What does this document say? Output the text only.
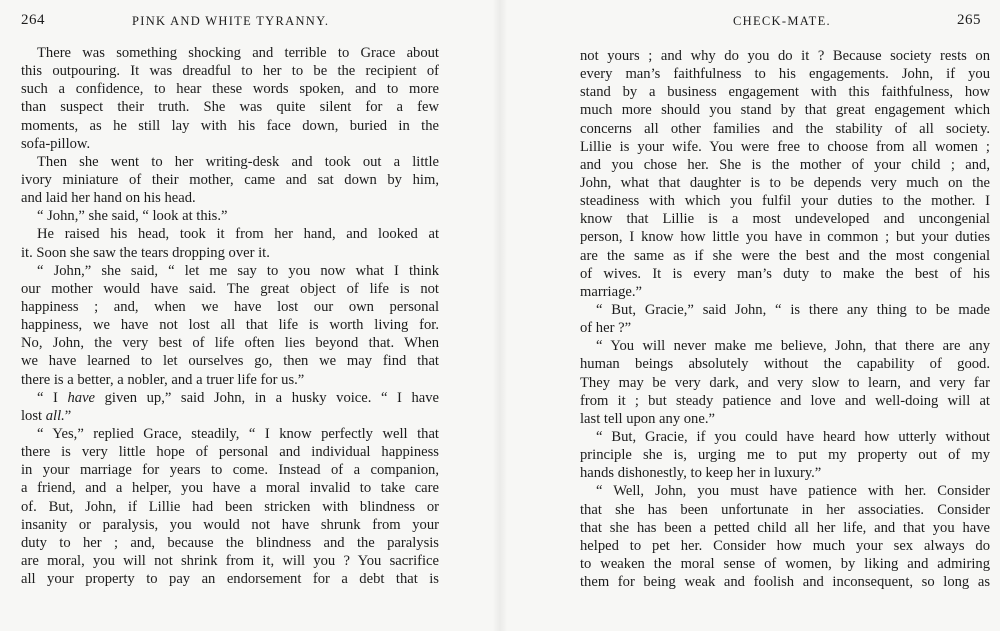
264	PINK AND WHITE TYRANNY.
There was something shocking and terrible to Grace about
this outpouring. It was dreadful to her to be the recipient of
such a confidence, to hear these words spoken, and to more
than suspect their truth. She was quite silent for a few
moments, as he still lay with his face down, buried in the
sofa-pillow.
Then she went to her writing-desk and took out a little
ivory miniature of their mother, came and sat down by him,
and laid her hand on his head.
“ John,” she said, “ look at this.”
He raised his head, took it from her hand, and looked at
it. Soon she saw the tears dropping over it.
“ John,” she said, “ let me say to you now what I think
our mother would have said. The great object of life is not
happiness ; and, when we have lost our own personal
happiness, we have not lost all that life is worth living for.
No, John, the very best of life often lies beyond that. When
we have learned to let ourselves go, then we may find that
there is a better, a nobler, and a truer life for us.”
“ I have given up,” said John, in a husky voice. “ I have
lost all.”
“ Yes,” replied Grace, steadily, “ I know perfectly well that
there is very little hope of personal and individual happiness
in your marriage for years to come. Instead of a companion,
a friend, and a helper, you have a moral invalid to take care
of. But, John, if Lillie had been stricken with blindness or
insanity or paralysis, you would not have shrunk from your
duty to her ; and, because the blindness and the paralysis
are moral, you will not shrink from it, will you ? You sacrifice
all your property to pay an endorsement for a debt that is
CHECK-MATE.	265
not yours ; and why do you do it ? Because society rests on
every man’s faithfulness to his engagements. John, if you
stand by a business engagement with this faithfulness, how
much more should you stand by that great engagement which
concerns all other families and the stability of all society.
Lillie is your wife. You were free to choose from all women ;
and you chose her. She is the mother of your child ; and,
John, what that daughter is to be depends very much on the
steadiness with which you fulfil your duties to the mother. I
know that Lillie is a most undeveloped and uncongenial
person, I know how little you have in common ; but your duties
are the same as if she were the best and the most congenial
of wives. It is every man’s duty to make the best of his
marriage.”
“ But, Gracie,” said John, “ is there any thing to be made
of her ?”
“ You will never make me believe, John, that there are any
human beings absolutely without the capability of good.
They may be very dark, and very slow to learn, and very far
from it ; but steady patience and love and well-doing will at
last tell upon any one.”
“ But, Gracie, if you could have heard how utterly without
principle she is, urging me to put my property out of my
hands dishonestly, to keep her in luxury.”
“ Well, John, you must have patience with her. Consider
that she has been unfortunate in her associaties. Consider
that she has been a petted child all her life, and that you have
helped to pet her. Consider how much your sex always do
to weaken the moral sense of women, by liking and admiring
them for being weak and foolish and inconsequent, so long as
